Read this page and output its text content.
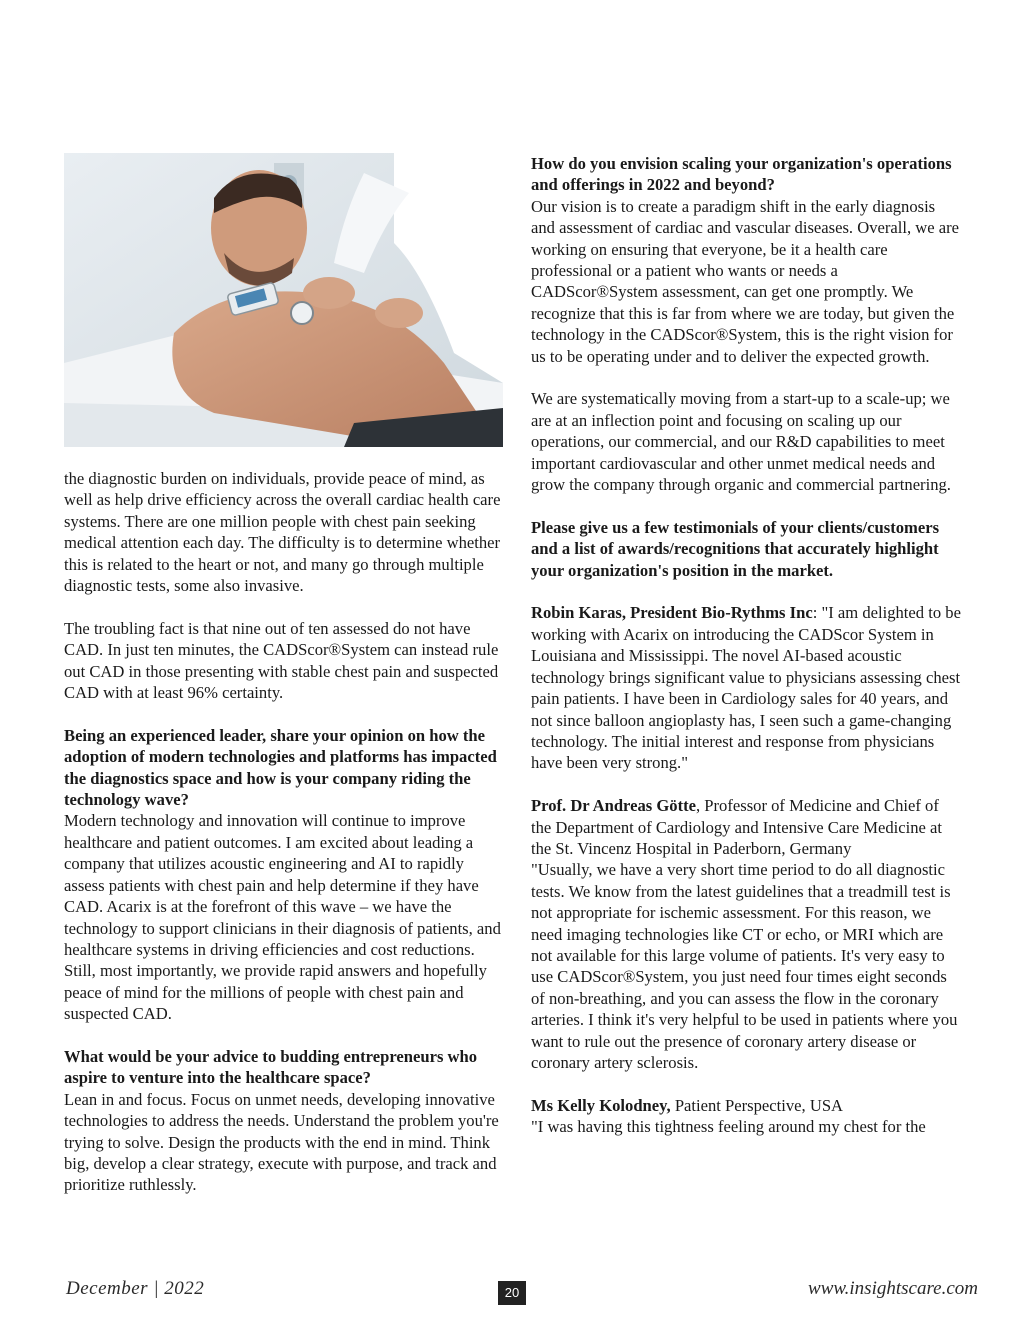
the diagnostic burden on individuals, provide peace of mind, as well as help drive efficiency across the overall cardiac health care systems. There are one million people with chest pain seeking medical attention each day. The difficulty is to determine whether this is related to the heart or not, and many go through multiple diagnostic tests, some also invasive.

The troubling fact is that nine out of ten assessed do not have CAD. In just ten minutes, the CADScor®System can instead rule out CAD in those presenting with stable chest pain and suspected CAD with at least 96% certainty.

Being an experienced leader, share your opinion on how the adoption of modern technologies and platforms has impacted the diagnostics space and how is your company riding the technology wave?

Modern technology and innovation will continue to improve healthcare and patient outcomes. I am excited about leading a company that utilizes acoustic engineering and AI to rapidly assess patients with chest pain and help determine if they have CAD. Acarix is at the forefront of this wave – we have the technology to support clinicians in their diagnosis of patients, and healthcare systems in driving efficiencies and cost reductions. Still, most importantly, we provide rapid answers and hopefully peace of mind for the millions of people with chest pain and suspected CAD.

What would be your advice to budding entrepreneurs who aspire to venture into the healthcare space?

Lean in and focus. Focus on unmet needs, developing innovative technologies to address the needs. Understand the problem you're trying to solve. Design the products with the end in mind. Think big, develop a clear strategy, execute with purpose, and track and prioritize ruthlessly.

How do you envision scaling your organization's operations and offerings in 2022 and beyond?

Our vision is to create a paradigm shift in the early diagnosis and assessment of cardiac and vascular diseases. Overall, we are working on ensuring that everyone, be it a health care professional or a patient who wants or needs a CADScor®System assessment, can get one promptly. We recognize that this is far from where we are today, but given the technology in the CADScor®System, this is the right vision for us to be operating under and to deliver the expected growth.

We are systematically moving from a start-up to a scale-up; we are at an inflection point and focusing on scaling up our operations, our commercial, and our R&D capabilities to meet important cardiovascular and other unmet medical needs and grow the company through organic and commercial partnering.

Please give us a few testimonials of your clients/customers and a list of awards/recognitions that accurately highlight your organization's position in the market.

Robin Karas, President Bio-Rythms Inc: "I am delighted to be working with Acarix on introducing the CADScor System in Louisiana and Mississippi. The novel AI-based acoustic technology brings significant value to physicians assessing chest pain patients. I have been in Cardiology sales for 40 years, and not since balloon angioplasty has, I seen such a game-changing technology. The initial interest and response from physicians have been very strong."

Prof. Dr Andreas Götte, Professor of Medicine and Chief of the Department of Cardiology and Intensive Care Medicine at the St. Vincenz Hospital in Paderborn, Germany

"Usually, we have a very short time period to do all diagnostic tests. We know from the latest guidelines that a treadmill test is not appropriate for ischemic assessment. For this reason, we need imaging technologies like CT or echo, or MRI which are not available for this large volume of patients. It's very easy to use CADScor®System, you just need four times eight seconds of non-breathing, and you can assess the flow in the coronary arteries. I think it's very helpful to be used in patients where you want to rule out the presence of coronary artery disease or coronary artery sclerosis.

Ms Kelly Kolodney, Patient Perspective, USA

"I was having this tightness feeling around my chest for the

December | 2022	20	www.insightscare.com
